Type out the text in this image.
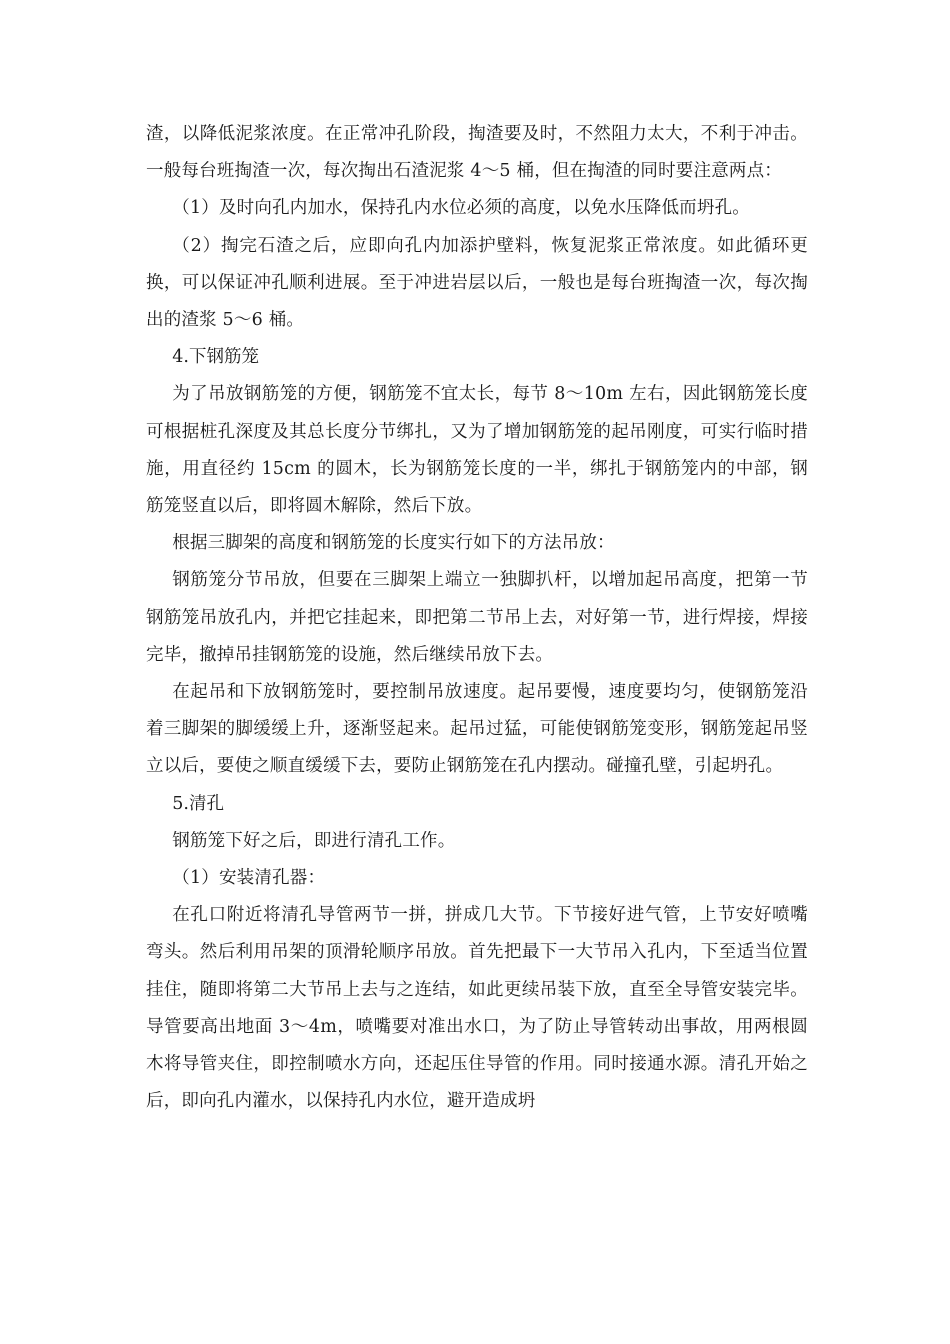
渣，以降低泥浆浓度。在正常冲孔阶段，掏渣要及时，不然阻力太大，不利于冲击。一般每台班掏渣一次，每次掏出石渣泥浆 4～5 桶，但在掏渣的同时要注意两点：

（1）及时向孔内加水，保持孔内水位必须的高度，以免水压降低而坍孔。

（2）掏完石渣之后，应即向孔内加添护壁料，恢复泥浆正常浓度。如此循环更换，可以保证冲孔顺利进展。至于冲进岩层以后，一般也是每台班掏渣一次，每次掏出的渣浆 5～6 桶。

4.下钢筋笼

为了吊放钢筋笼的方便，钢筋笼不宜太长，每节 8～10m 左右，因此钢筋笼长度可根据桩孔深度及其总长度分节绑扎，又为了增加钢筋笼的起吊刚度，可实行临时措施，用直径约 15cm 的圆木，长为钢筋笼长度的一半，绑扎于钢筋笼内的中部，钢筋笼竖直以后，即将圆木解除，然后下放。

根据三脚架的高度和钢筋笼的长度实行如下的方法吊放：

钢筋笼分节吊放，但要在三脚架上端立一独脚扒杆，以增加起吊高度，把第一节钢筋笼吊放孔内，并把它挂起来，即把第二节吊上去，对好第一节，进行焊接，焊接完毕，撤掉吊挂钢筋笼的设施，然后继续吊放下去。

在起吊和下放钢筋笼时，要控制吊放速度。起吊要慢，速度要均匀，使钢筋笼沿着三脚架的脚缓缓上升，逐渐竖起来。起吊过猛，可能使钢筋笼变形，钢筋笼起吊竖立以后，要使之顺直缓缓下去，要防止钢筋笼在孔内摆动。碰撞孔壁，引起坍孔。

5.清孔

钢筋笼下好之后，即进行清孔工作。

（1）安装清孔器：

在孔口附近将清孔导管两节一拼，拼成几大节。下节接好进气管，上节安好喷嘴弯头。然后利用吊架的顶滑轮顺序吊放。首先把最下一大节吊入孔内，下至适当位置挂住，随即将第二大节吊上去与之连结，如此更续吊装下放，直至全导管安装完毕。导管要高出地面 3～4m，喷嘴要对准出水口，为了防止导管转动出事故，用两根圆木将导管夹住，即控制喷水方向，还起压住导管的作用。同时接通水源。清孔开始之后，即向孔内灌水，以保持孔内水位，避开造成坍
